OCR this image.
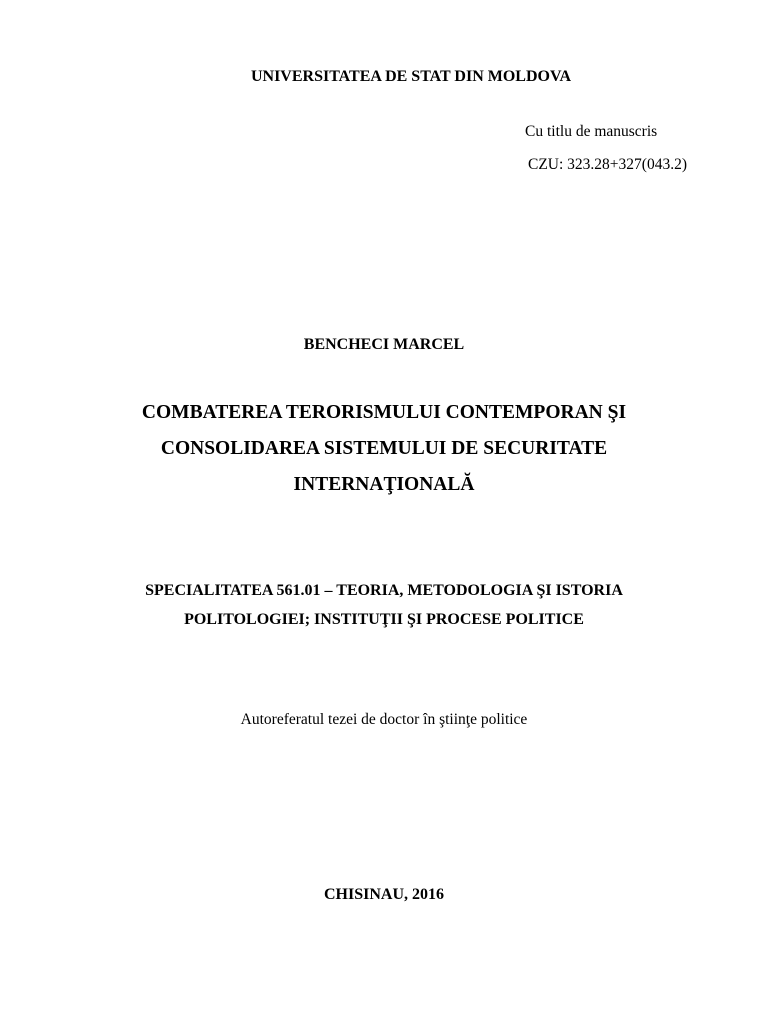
UNIVERSITATEA DE STAT DIN MOLDOVA
Cu titlu de manuscris
CZU: 323.28+327(043.2)
BENCHECI MARCEL
COMBATEREA TERORISMULUI CONTEMPORAN ŞI
CONSOLIDAREA SISTEMULUI DE SECURITATE
INTERNAŢIONALĂ
SPECIALITATEA 561.01 – TEORIA, METODOLOGIA ŞI ISTORIA
POLITOLOGIEI; INSTITUŢII ŞI PROCESE POLITICE
Autoreferatul tezei de doctor în ştiinţe politice
CHISINAU, 2016
